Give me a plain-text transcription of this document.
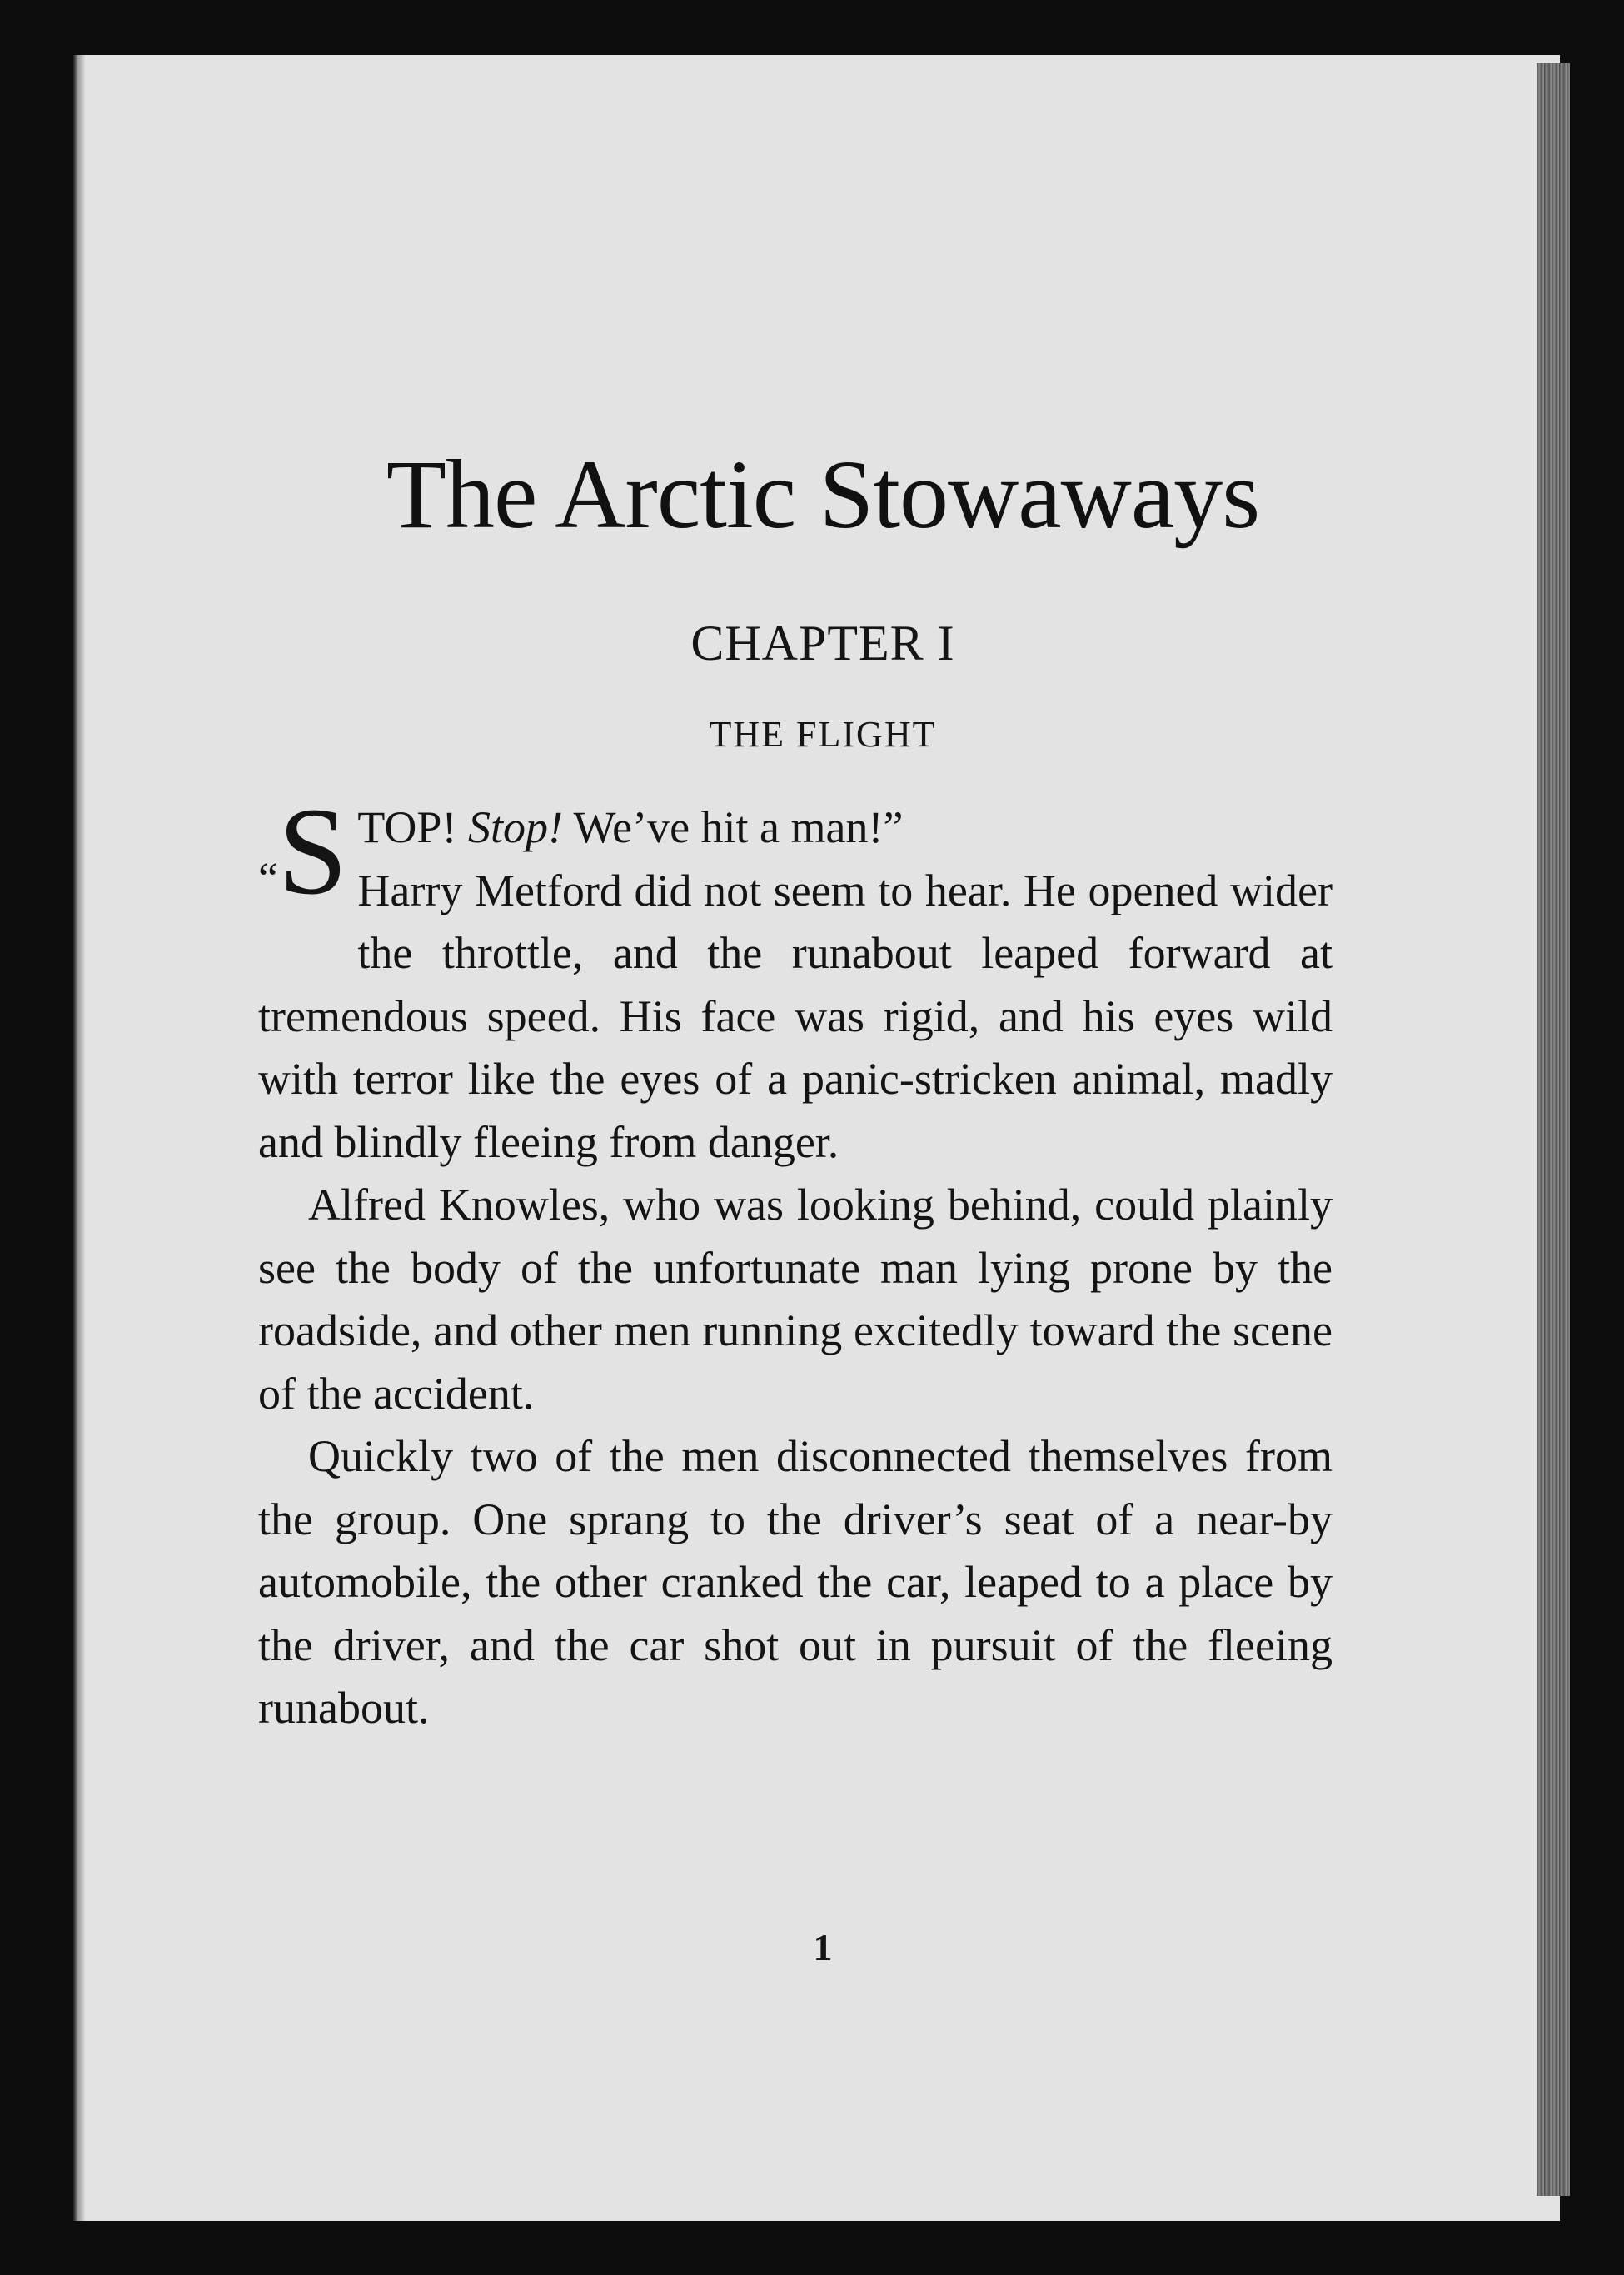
The Arctic Stowaways
CHAPTER I
THE FLIGHT

“S TOP! Stop! We’ve hit a man!”
Harry Metford did not seem to hear. He opened wider the throttle, and the runabout leaped forward at tremendous speed. His face was rigid, and his eyes wild with terror like the eyes of a panic-stricken animal, madly and blindly fleeing from danger.

Alfred Knowles, who was looking behind, could plainly see the body of the unfortunate man lying prone by the roadside, and other men running excitedly toward the scene of the accident.

Quickly two of the men disconnected themselves from the group. One sprang to the driver’s seat of a near-by automobile, the other cranked the car, leaped to a place by the driver, and the car shot out in pursuit of the fleeing runabout.

1
